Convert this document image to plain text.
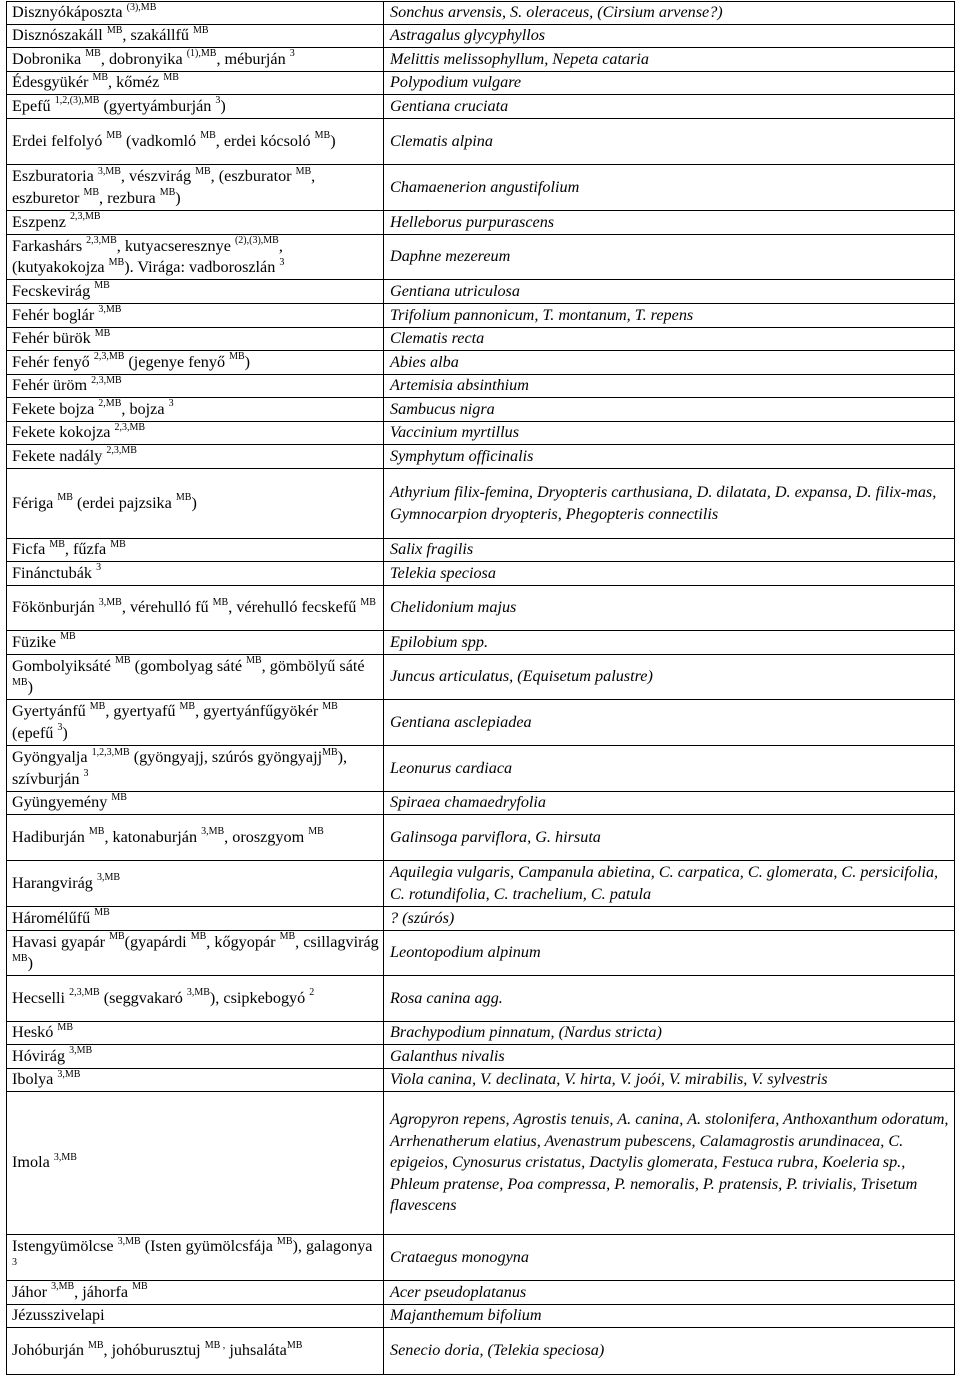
Disznyókáposzta $^{(3),MB}$	Sonchus arvensis, S. oleraceus, (Cirsium arvense?)
Disznószakáll $^{MB}$, szakállfű $^{MB}$	Astragalus glycyphyllos
Dobronika $^{MB}$, dobronyika $^{(1),MB}$, méburján $^3$	Melittis melissophyllum, Nepeta cataria
Édesgyükér $^{MB}$, kőméz $^{MB}$	Polypodium vulgare
Epefű $^{1,2,(3),MB}$ (gyertyámburján $^3$)	Gentiana cruciata
Erdei felfolyó $^{MB}$ (vadkomló $^{MB}$, erdei kócsoló $^{MB}$)	Clematis alpina
Eszburatoria $^{3,MB}$, vészvirág $^{MB}$, (eszburator $^{MB}$, eszburetor $^{MB}$, rezbura $^{MB}$)	Chamaenerion angustifolium
Eszpenz $^{2,3,MB}$	Helleborus purpurascens
Farkashárs $^{2,3,MB}$, kutyacseresznye $^{(2),(3),MB}$, (kutyakokojza $^{MB}$). Virága: vadboroszlán $^3$	Daphne mezereum
Fecskevirág $^{MB}$	Gentiana utriculosa
Fehér boglár $^{3,MB}$	Trifolium pannonicum, T. montanum, T. repens
Fehér bürök $^{MB}$	Clematis recta
Fehér fenyő $^{2,3,MB}$ (jegenye fenyő $^{MB}$)	Abies alba
Fehér üröm $^{2,3,MB}$	Artemisia absinthium
Fekete bojza $^{2,MB}$, bojza $^3$	Sambucus nigra
Fekete kokojza $^{2,3,MB}$	Vaccinium myrtillus
Fekete nadály $^{2,3,MB}$	Symphytum officinalis
Fériga $^{MB}$ (erdei pajzsika $^{MB}$)	Athyrium filix-femina, Dryopteris carthusiana, D. dilatata, D. expansa, D. filix-mas, Gymnocarpion dryopteris, Phegopteris connectilis
Ficfa $^{MB}$, fűzfa $^{MB}$	Salix fragilis
Finánctubák $^3$	Telekia speciosa
Fökönburján $^{3,MB}$, vérehulló fű $^{MB}$, vérehulló fecskefű $^{MB}$	Chelidonium majus
Füzike $^{MB}$	Epilobium spp.
Gombolyiksáté $^{MB}$ (gombolyag sáté $^{MB}$, gömbölyű sáté $^{MB}$)	Juncus articulatus, (Equisetum palustre)
Gyertyánfű $^{MB}$, gyertyafű $^{MB}$, gyertyánfűgyökér $^{MB}$ (epefű $^3$)	Gentiana asclepiadea
Gyöngyalja $^{1,2,3,MB}$ (gyöngyajj, szúrós gyöngyajj$^{MB}$), szívburján $^3$	Leonurus cardiaca
Gyüngyemény $^{MB}$	Spiraea chamaedryfolia
Hadiburján $^{MB}$, katonaburján $^{3,MB}$, oroszgyom $^{MB}$	Galinsoga parviflora, G. hirsuta
Harangvirág $^{3,MB}$	Aquilegia vulgaris, Campanula abietina, C. carpatica, C. glomerata, C. persicifolia, C. rotundifolia, C. trachelium, C. patula
Háromélűfű $^{MB}$	? (szúrós)
Havasi gyapár $^{MB}$(gyapárdi $^{MB}$, kőgyopár $^{MB}$, csillagvirág $^{MB}$)	Leontopodium alpinum
Hecselli $^{2,3,MB}$ (seggvakaró $^{3,MB}$), csipkebogyó $^2$	Rosa canina agg.
Heskó $^{MB}$	Brachypodium pinnatum, (Nardus stricta)
Hóvirág $^{3,MB}$	Galanthus nivalis
Ibolya $^{3,MB}$	Viola canina, V. declinata, V. hirta, V. joói, V. mirabilis, V. sylvestris
Imola $^{3,MB}$	Agropyron repens, Agrostis tenuis, A. canina, A. stolonifera, Anthoxanthum odoratum, Arrhenatherum elatius, Avenastrum pubescens, Calamagrostis arundinacea, C. epigeios, Cynosurus cristatus, Dactylis glomerata, Festuca rubra, Koeleria sp., Phleum pratense, Poa compressa, P. nemoralis, P. pratensis, P. trivialis, Trisetum flavescens
Istengyümölcse $^{3,MB}$ (Isten gyümölcsfája $^{MB}$), galagonya $^3$	Crataegus monogyna
Jáhor $^{3,MB}$, jáhorfa $^{MB}$	Acer pseudoplatanus
Jézusszivelapi	Majanthemum bifolium
Johóburján $^{MB}$, johóburusztuj $^{MB ,}$ juhsaláta$^{MB}$	Senecio doria, (Telekia speciosa)
